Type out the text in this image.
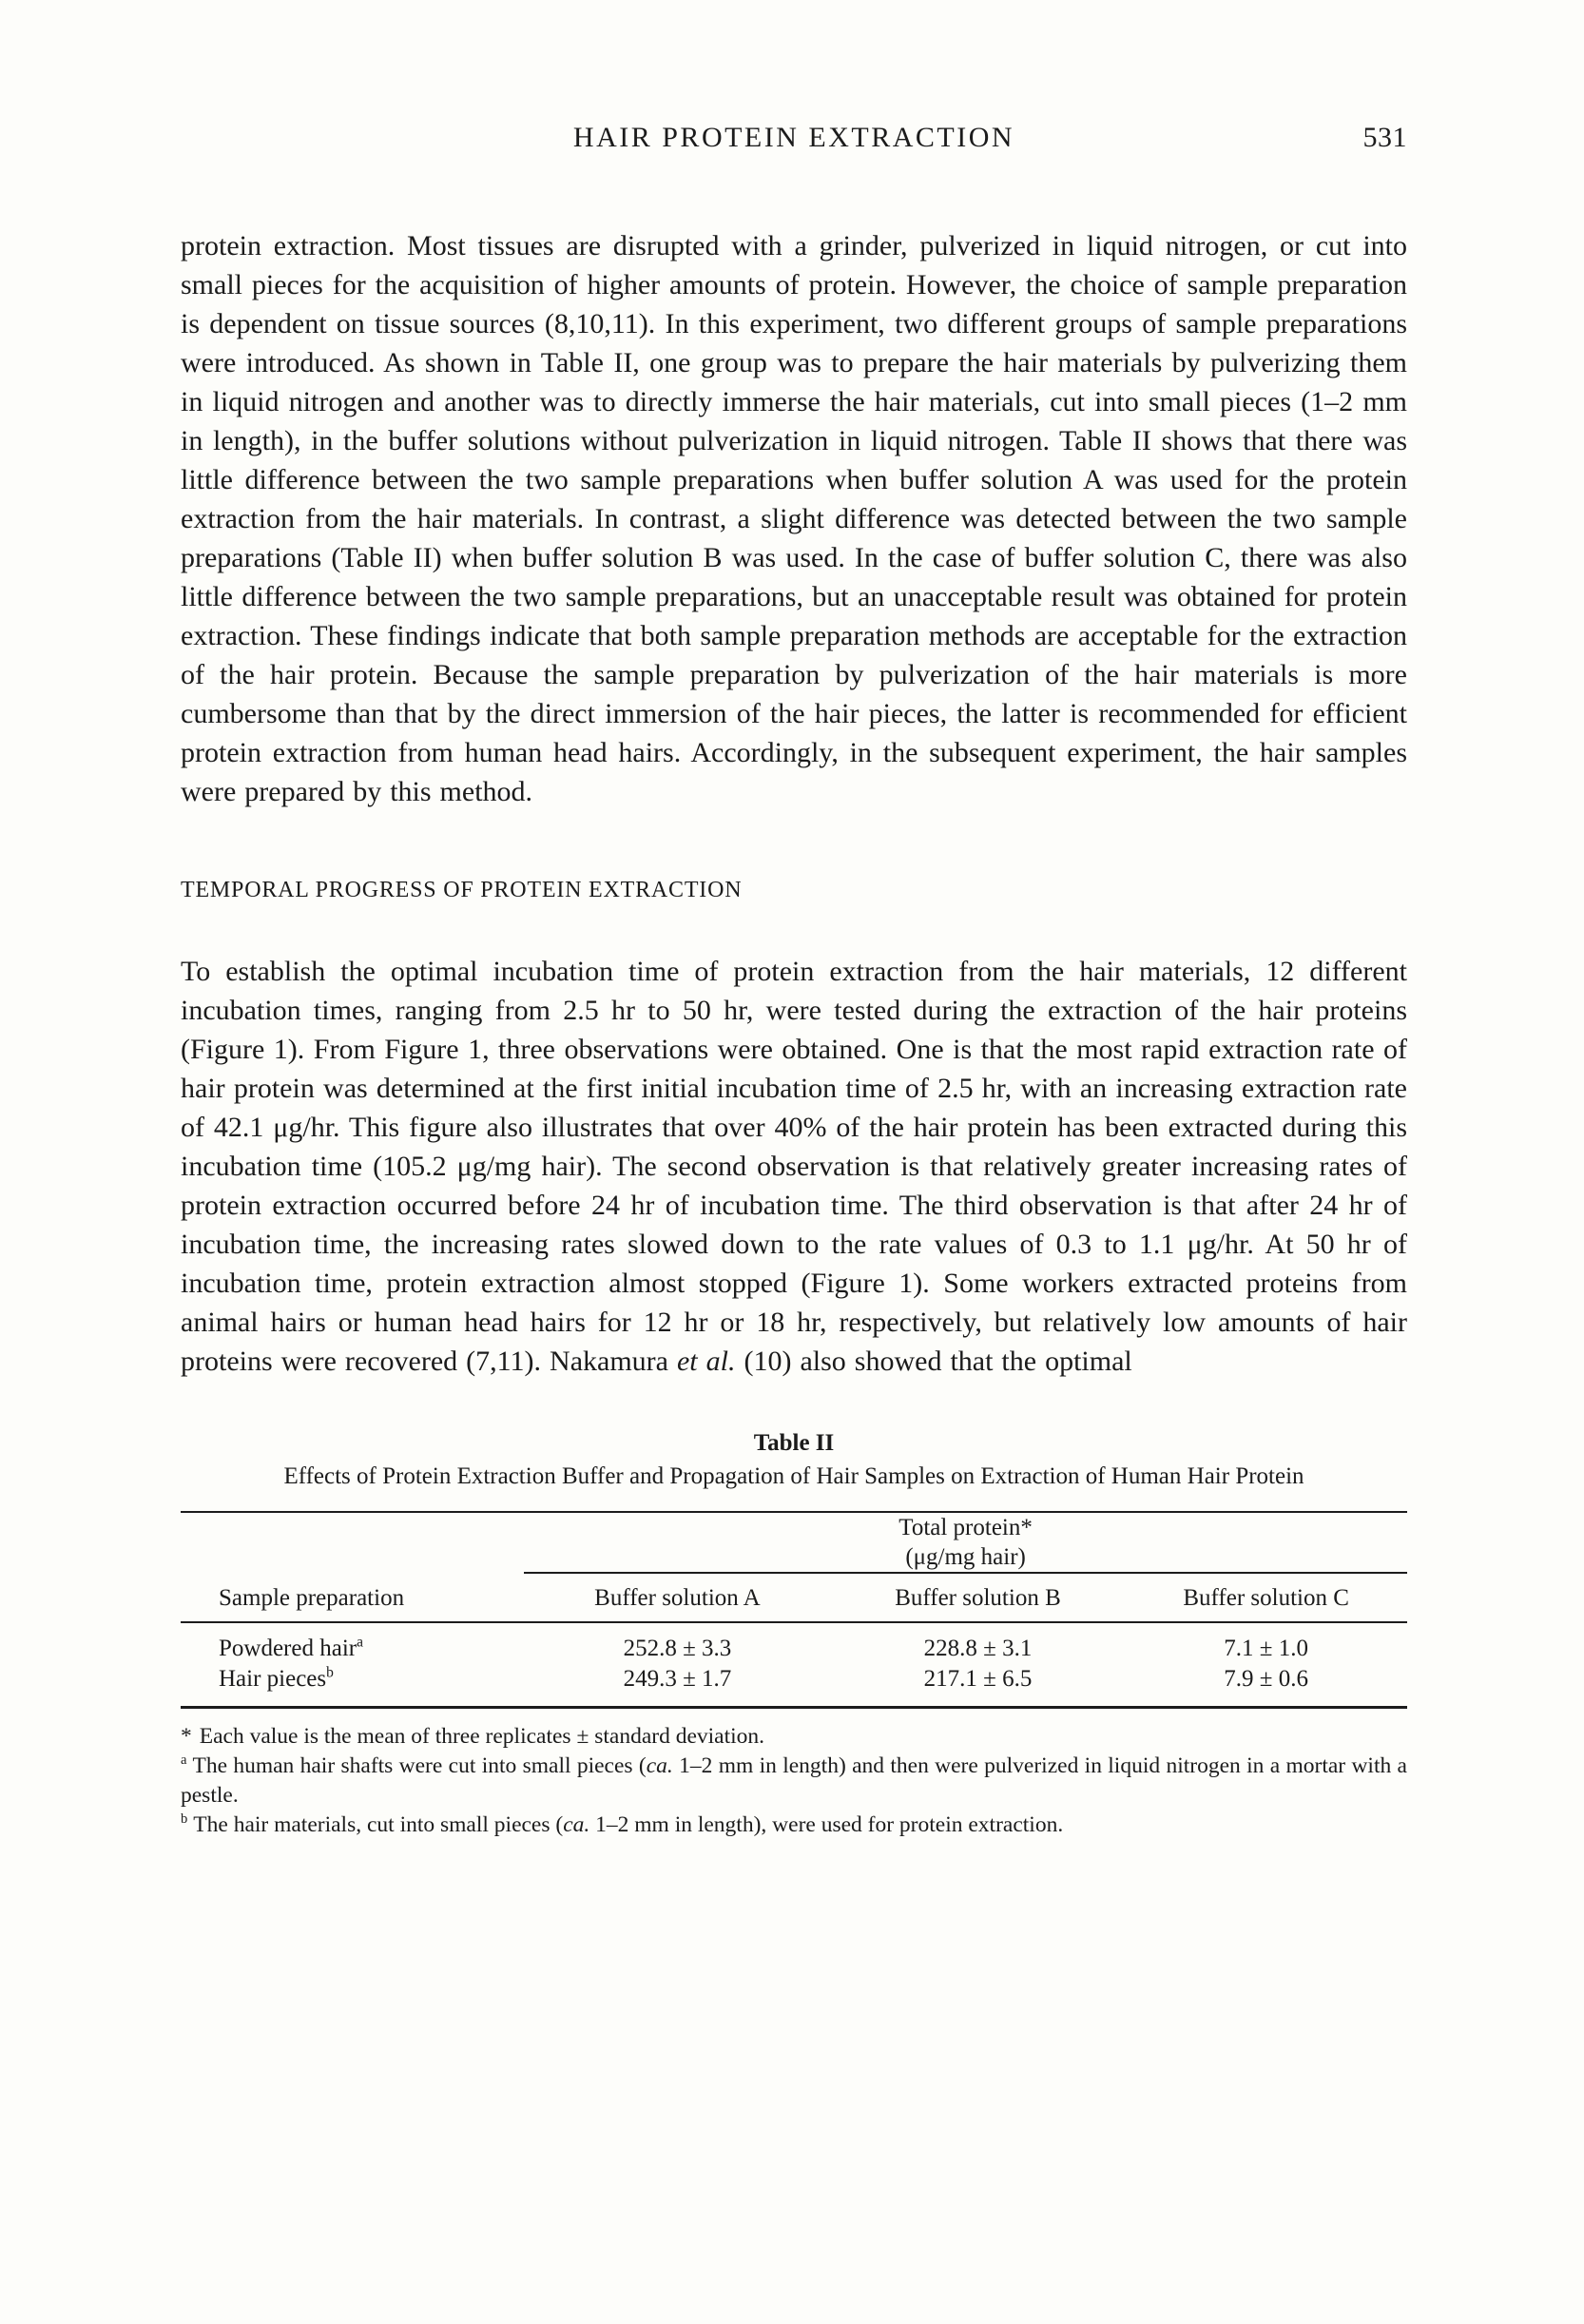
HAIR PROTEIN EXTRACTION	531

protein extraction. Most tissues are disrupted with a grinder, pulverized in liquid nitrogen, or cut into small pieces for the acquisition of higher amounts of protein. However, the choice of sample preparation is dependent on tissue sources (8,10,11). In this experiment, two different groups of sample preparations were introduced. As shown in Table II, one group was to prepare the hair materials by pulverizing them in liquid nitrogen and another was to directly immerse the hair materials, cut into small pieces (1–2 mm in length), in the buffer solutions without pulverization in liquid nitrogen. Table II shows that there was little difference between the two sample preparations when buffer solution A was used for the protein extraction from the hair materials. In contrast, a slight difference was detected between the two sample preparations (Table II) when buffer solution B was used. In the case of buffer solution C, there was also little difference between the two sample preparations, but an unacceptable result was obtained for protein extraction. These findings indicate that both sample preparation methods are acceptable for the extraction of the hair protein. Because the sample preparation by pulverization of the hair materials is more cumbersome than that by the direct immersion of the hair pieces, the latter is recommended for efficient protein extraction from human head hairs. Accordingly, in the subsequent experiment, the hair samples were prepared by this method.

TEMPORAL PROGRESS OF PROTEIN EXTRACTION

To establish the optimal incubation time of protein extraction from the hair materials, 12 different incubation times, ranging from 2.5 hr to 50 hr, were tested during the extraction of the hair proteins (Figure 1). From Figure 1, three observations were obtained. One is that the most rapid extraction rate of hair protein was determined at the first initial incubation time of 2.5 hr, with an increasing extraction rate of 42.1 μg/hr. This figure also illustrates that over 40% of the hair protein has been extracted during this incubation time (105.2 μg/mg hair). The second observation is that relatively greater increasing rates of protein extraction occurred before 24 hr of incubation time. The third observation is that after 24 hr of incubation time, the increasing rates slowed down to the rate values of 0.3 to 1.1 μg/hr. At 50 hr of incubation time, protein extraction almost stopped (Figure 1). Some workers extracted proteins from animal hairs or human head hairs for 12 hr or 18 hr, respectively, but relatively low amounts of hair proteins were recovered (7,11). Nakamura et al. (10) also showed that the optimal

Table II
Effects of Protein Extraction Buffer and Propagation of Hair Samples on Extraction of Human Hair Protein

	Total protein*
(μg/mg hair)		

Sample preparation	Buffer solution A	Buffer solution B	Buffer solution C
Powdered hair$^a$	252.8 ± 3.3	228.8 ± 3.1	7.1 ± 1.0
Hair pieces$^b$	249.3 ± 1.7	217.1 ± 6.5	7.9 ± 0.6

* Each value is the mean of three replicates ± standard deviation.

$^a$ The human hair shafts were cut into small pieces (ca. 1–2 mm in length) and then were pulverized in liquid nitrogen in a mortar with a pestle.

$^b$ The hair materials, cut into small pieces (ca. 1–2 mm in length), were used for protein extraction.
